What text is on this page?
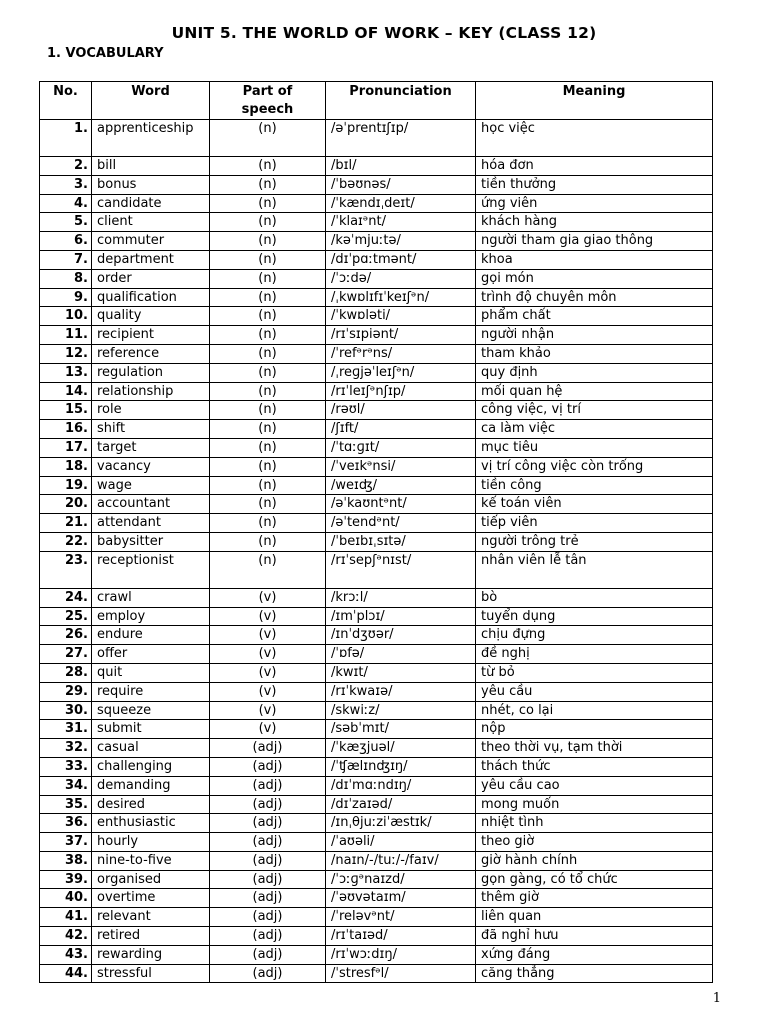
UNIT 5. THE WORLD OF WORK – KEY (CLASS 12)
1. VOCABULARY
No.	Word	Part of speech	Pronunciation	Meaning
1.	apprenticeship	(n)	/əˈprentɪʃɪp/	học việc
2.	bill	(n)	/bɪl/	hóa đơn
3.	bonus	(n)	/ˈbəʊnəs/	tiền thưởng
4.	candidate	(n)	/ˈkændɪˌdeɪt/	ứng viên
5.	client	(n)	/ˈklaɪᵊnt/	khách hàng
6.	commuter	(n)	/kəˈmjuːtə/	người tham gia giao thông
7.	department	(n)	/dɪˈpɑːtmənt/	khoa
8.	order	(n)	/ˈɔːdə/	gọi món
9.	qualification	(n)	/ˌkwɒlɪfɪˈkeɪʃᵊn/	trình độ chuyên môn
10.	quality	(n)	/ˈkwɒləti/	phẩm chất
11.	recipient	(n)	/rɪˈsɪpiənt/	người nhận
12.	reference	(n)	/ˈrefᵊrᵊns/	tham khảo
13.	regulation	(n)	/ˌreɡjəˈleɪʃᵊn/	quy định
14.	relationship	(n)	/rɪˈleɪʃᵊnʃɪp/	mối quan hệ
15.	role	(n)	/rəʊl/	công việc, vị trí
16.	shift	(n)	/ʃɪft/	ca làm việc
17.	target	(n)	/ˈtɑːɡɪt/	mục tiêu
18.	vacancy	(n)	/ˈveɪkᵊnsi/	vị trí công việc còn trống
19.	wage	(n)	/weɪʤ/	tiền công
20.	accountant	(n)	/əˈkaʊntᵊnt/	kế toán viên
21.	attendant	(n)	/əˈtendᵊnt/	tiếp viên
22.	babysitter	(n)	/ˈbeɪbɪˌsɪtə/	người trông trẻ
23.	receptionist	(n)	/rɪˈsepʃᵊnɪst/	nhân viên lễ tân
24.	crawl	(v)	/krɔːl/	bò
25.	employ	(v)	/ɪmˈplɔɪ/	tuyển dụng
26.	endure	(v)	/ɪnˈdʒʊər/	chịu đựng
27.	offer	(v)	/ˈɒfə/	đề nghị
28.	quit	(v)	/kwɪt/	từ bỏ
29.	require	(v)	/rɪˈkwaɪə/	yêu cầu
30.	squeeze	(v)	/skwiːz/	nhét, co lại
31.	submit	(v)	/səbˈmɪt/	nộp
32.	casual	(adj)	/ˈkæʒjuəl/	theo thời vụ, tạm thời
33.	challenging	(adj)	/ˈʧælɪnʤɪŋ/	thách thức
34.	demanding	(adj)	/dɪˈmɑːndɪŋ/	yêu cầu cao
35.	desired	(adj)	/dɪˈzaɪəd/	mong muốn
36.	enthusiastic	(adj)	/ɪnˌθjuːziˈæstɪk/	nhiệt tình
37.	hourly	(adj)	/ˈaʊəli/	theo giờ
38.	nine-to-five	(adj)	/naɪn/-/tuː/-/faɪv/	giờ hành chính
39.	organised	(adj)	/ˈɔːɡᵊnaɪzd/	gọn gàng, có tổ chức
40.	overtime	(adj)	/ˈəʊvətaɪm/	thêm giờ
41.	relevant	(adj)	/ˈreləvᵊnt/	liên quan
42.	retired	(adj)	/rɪˈtaɪəd/	đã nghỉ hưu
43.	rewarding	(adj)	/rɪˈwɔːdɪŋ/	xứng đáng
44.	stressful	(adj)	/ˈstresfᵊl/	căng thẳng
1
